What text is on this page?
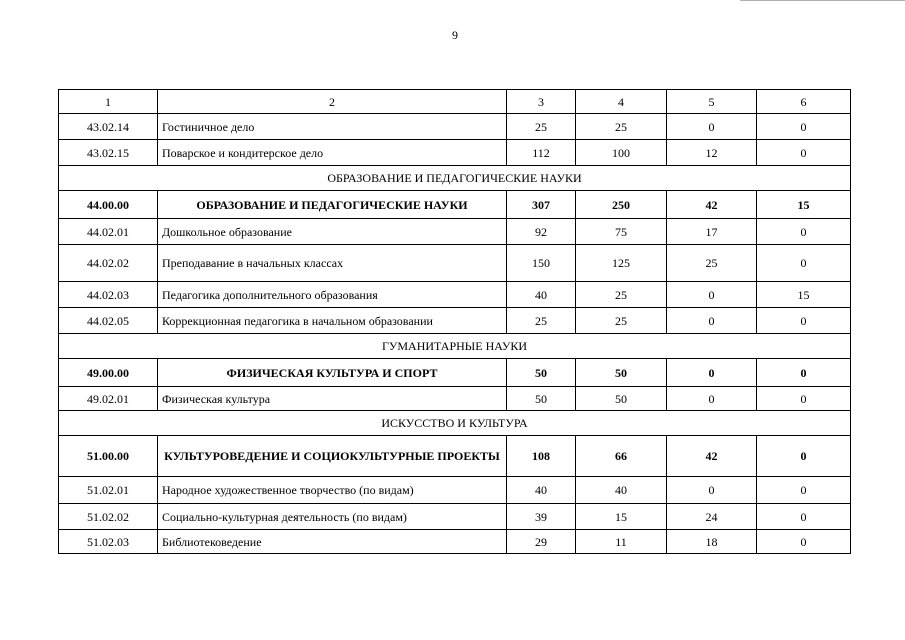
9
1	2	3	4	5	6
43.02.14	Гостиничное дело	25	25	0	0
43.02.15	Поварское и кондитерское дело	112	100	12	0
ОБРАЗОВАНИЕ И ПЕДАГОГИЧЕСКИЕ НАУКИ					
44.00.00	ОБРАЗОВАНИЕ И ПЕДАГОГИЧЕСКИЕ НАУКИ	307	250	42	15
44.02.01	Дошкольное образование	92	75	17	0
44.02.02	Преподавание в начальных классах	150	125	25	0
44.02.03	Педагогика дополнительного образования	40	25	0	15
44.02.05	Коррекционная педагогика в начальном образовании	25	25	0	0
ГУМАНИТАРНЫЕ НАУКИ					
49.00.00	ФИЗИЧЕСКАЯ КУЛЬТУРА И СПОРТ	50	50	0	0
49.02.01	Физическая культура	50	50	0	0
ИСКУССТВО И КУЛЬТУРА					
51.00.00	КУЛЬТУРОВЕДЕНИЕ И СОЦИОКУЛЬТУРНЫЕ ПРОЕКТЫ	108	66	42	0
51.02.01	Народное художественное творчество (по видам)	40	40	0	0
51.02.02	Социально-культурная деятельность (по видам)	39	15	24	0
51.02.03	Библиотековедение	29	11	18	0
